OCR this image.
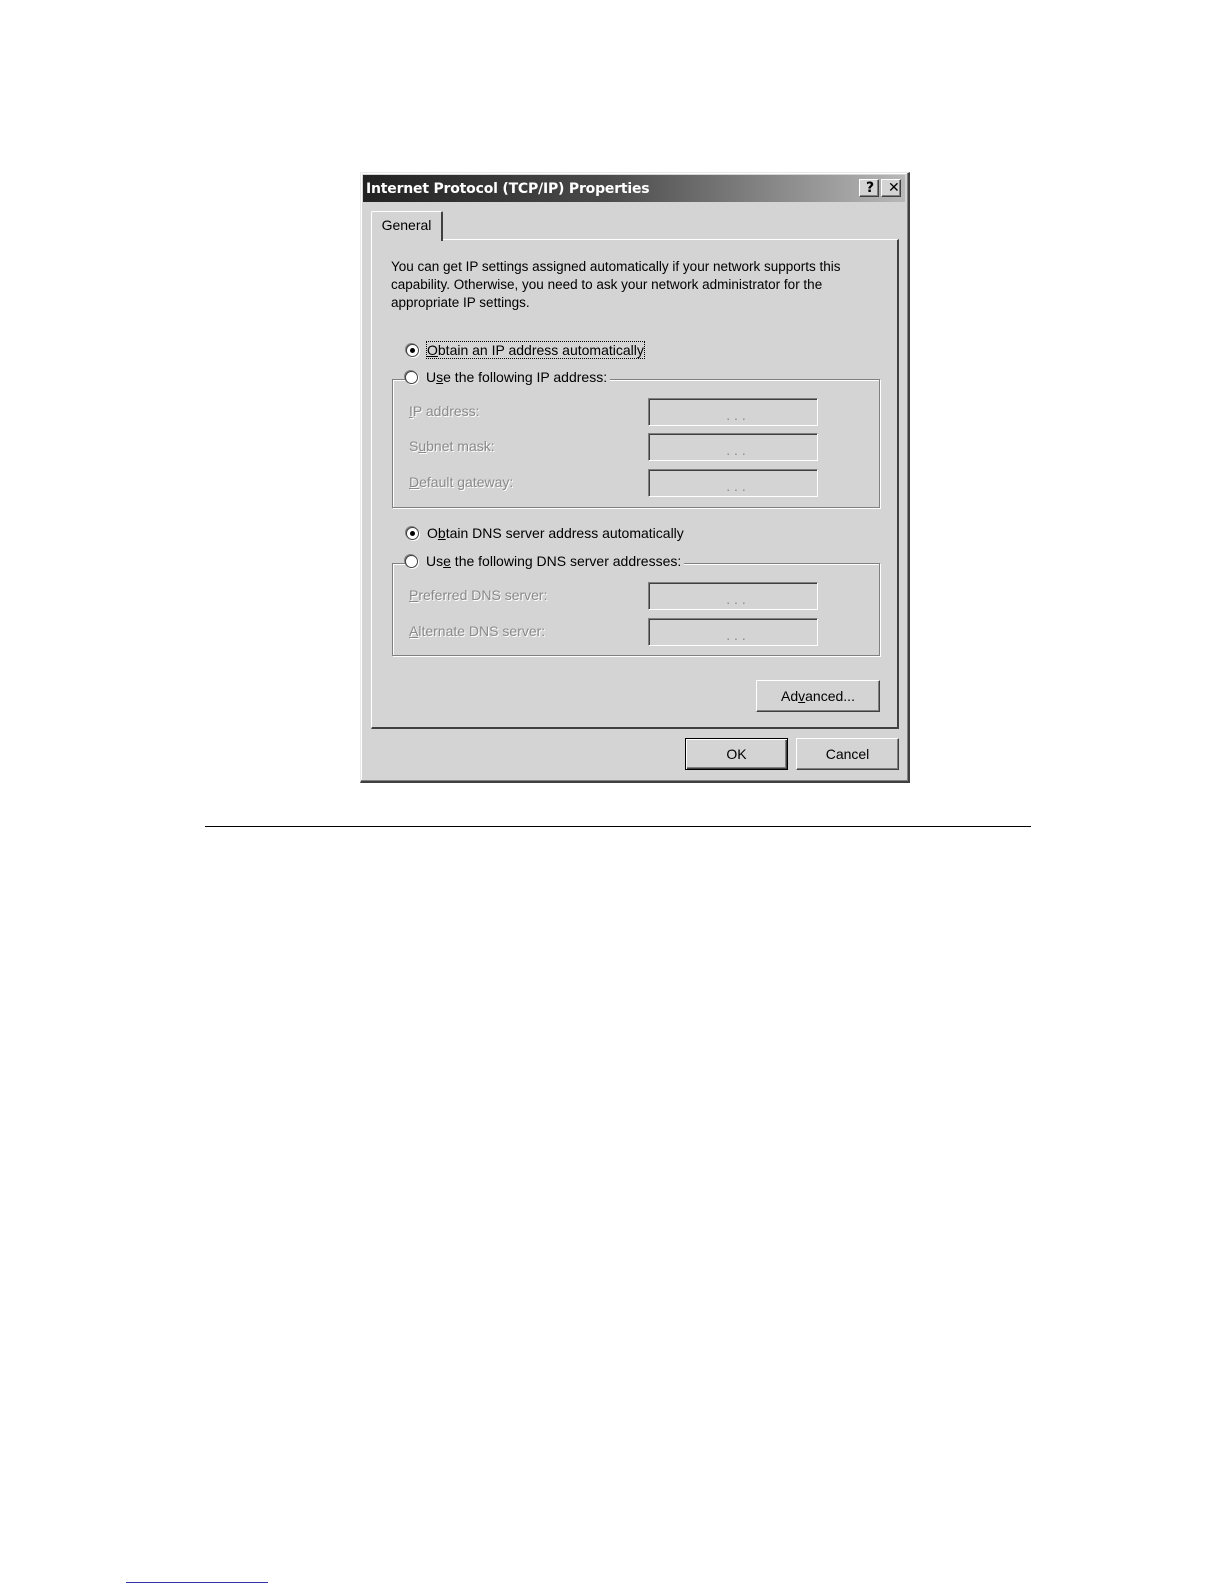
Internet Protocol (TCP/IP) Properties	? ✕
General
You can get IP settings assigned automatically if your network supports this capability. Otherwise, you need to ask your network administrator for the appropriate IP settings.
Obtain an IP address automatically
Use the following IP address:
IP address:	. . .
Subnet mask:	. . .
Default gateway:	. . .
Obtain DNS server address automatically
Use the following DNS server addresses:
Preferred DNS server:	. . .
Alternate DNS server:	. . .
Advanced...
OK	Cancel
